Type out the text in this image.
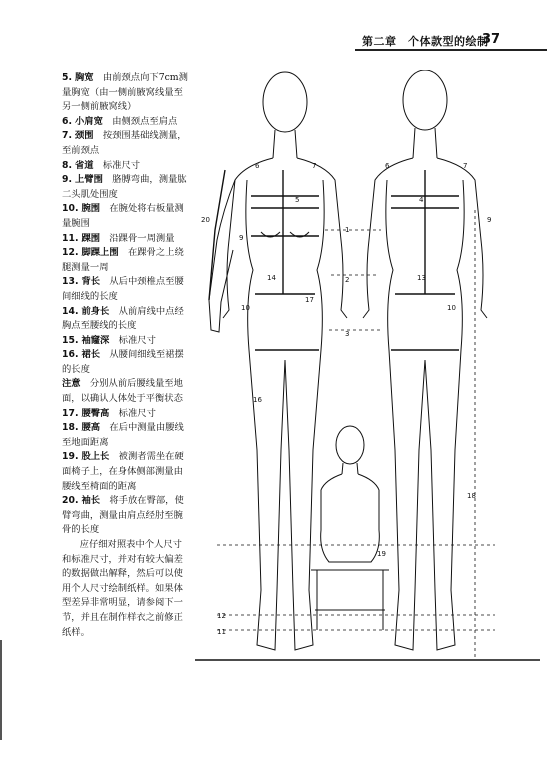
第二章　个体款型的绘制
37

5. 胸宽　 由前颈点向下7cm测量胸宽（由一侧前腋窝线量至另一侧前腋窝线）

6. 小肩宽　 由侧颈点至肩点

7. 颈围　 按颈围基础线测量，至前颈点

8. 省道　 标准尺寸

9. 上臂围　 胳膊弯曲，测量肱二头肌处围度

10. 腕围　 在腕处将右板量测量腕围

11. 踝围　 沿踝骨一周测量

12. 脚踝上围　 在踝骨之上绕腿测量一周

13. 背长　 从后中颈椎点至腰间细线的长度

14. 前身长　 从前肩线中点经胸点至腰线的长度

15. 袖窿深　 标准尺寸

16. 裙长　 从腰间细线至裙摆的长度

注意　 分别从前后腰线量至地面，以确认人体处于平衡状态

17. 腰臀高　 标准尺寸

18. 腰高　 在后中测量由腰线至地面距离

19. 股上长　 被测者需坐在硬面椅子上，在身体侧部测量由腰线至椅面的距离

20. 袖长　 将手放在臀部，使臂弯曲，测量由肩点经肘至腕骨的长度

应仔细对照表中个人尺寸和标准尺寸，并对有较大偏差的数据做出解释，然后可以使用个人尺寸绘制纸样。如果体型差异非常明显，请参阅下一节，并且在制作样衣之前修正纸样。

6	7	6	7
5	4
1
2
3
9
9
20
14	13
10	10
17
16
18
19
12
11
